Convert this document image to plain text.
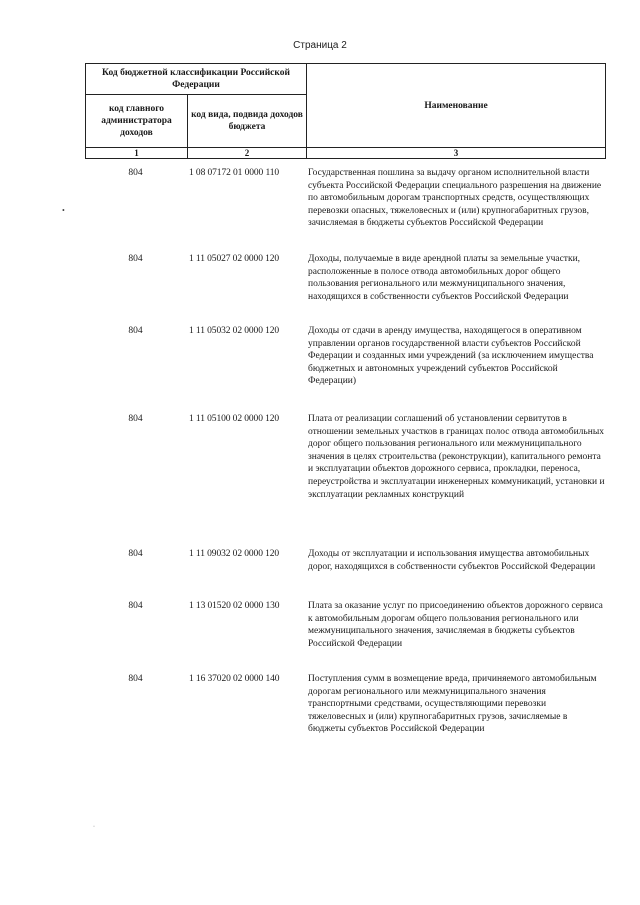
Страница 2
Код бюджетной классификации Российской Федерации		Наименование
код главного администратора доходов	код вида, подвида доходов бюджета	
1	2	3
804	1 08 07172 01 0000 110	Государственная пошлина за выдачу органом исполнительной власти субъекта Российской Федерации специального разрешения на движение по автомобильным дорогам транспортных средств, осуществляющих перевозки опасных, тяжеловесных и (или) крупногабаритных грузов, зачисляемая в бюджеты субъектов Российской Федерации
804	1 11 05027 02 0000 120	Доходы, получаемые в виде арендной платы за земельные участки, расположенные в полосе отвода автомобильных дорог общего пользования регионального или межмуниципального значения, находящихся в собственности субъектов Российской Федерации
804	1 11 05032 02 0000 120	Доходы от сдачи в аренду имущества, находящегося в оперативном управлении органов государственной власти субъектов Российской Федерации и созданных ими учреждений (за исключением имущества бюджетных и автономных учреждений субъектов Российской Федерации)
804	1 11 05100 02 0000 120	Плата от реализации соглашений об установлении сервитутов в отношении земельных участков в границах полос отвода автомобильных дорог общего пользования регионального или межмуниципального значения в целях строительства (реконструкции), капитального ремонта и эксплуатации объектов дорожного сервиса, прокладки, переноса, переустройства и эксплуатации инженерных коммуникаций, установки и эксплуатации рекламных конструкций
804	1 11 09032 02 0000 120	Доходы от эксплуатации и использования имущества автомобильных дорог, находящихся в собственности субъектов Российской Федерации
804	1 13 01520 02 0000 130	Плата за оказание услуг по присоединению объектов дорожного сервиса к автомобильным дорогам общего пользования регионального или межмуниципального значения, зачисляемая в бюджеты субъектов Российской Федерации
804	1 16 37020 02 0000 140	Поступления сумм в возмещение вреда, причиняемого автомобильным дорогам регионального или межмуниципального значения транспортными средствами, осуществляющими перевозки тяжеловесных и (или) крупногабаритных грузов, зачисляемые в бюджеты субъектов Российской Федерации
•
·
